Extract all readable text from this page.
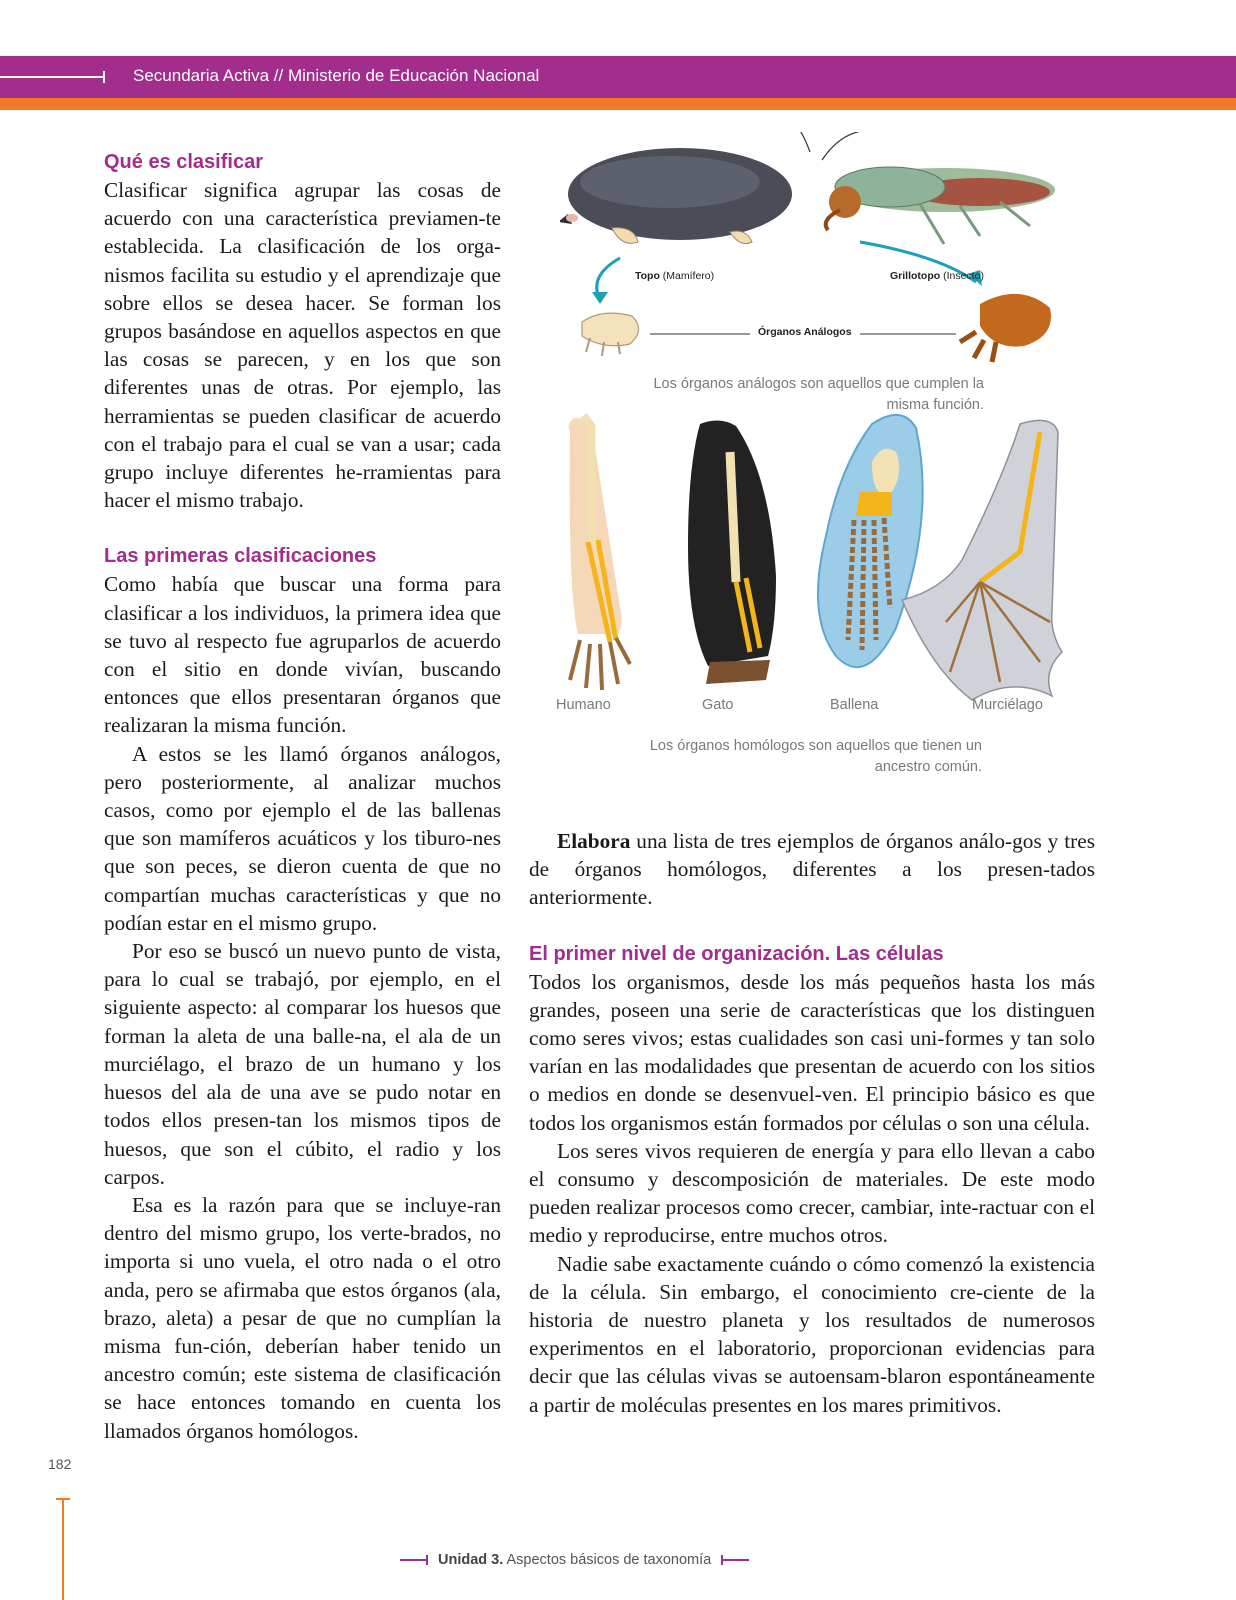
Secundaria Activa // Ministerio de Educación Nacional
Qué es clasificar

Clasificar significa agrupar las cosas de acuerdo con una característica previamen-te establecida. La clasificación de los orga-nismos facilita su estudio y el aprendizaje que sobre ellos se desea hacer. Se forman los grupos basándose en aquellos aspectos en que las cosas se parecen, y en los que son diferentes unas de otras. Por ejemplo, las herramientas se pueden clasificar de acuerdo con el trabajo para el cual se van a usar; cada grupo incluye diferentes he-rramientas para hacer el mismo trabajo.

Las primeras clasificaciones

Como había que buscar una forma para clasificar a los individuos, la primera idea que se tuvo al respecto fue agruparlos de acuerdo con el sitio en donde vivían, buscando entonces que ellos presentaran órganos que realizaran la misma función.

A estos se les llamó órganos análogos, pero posteriormente, al analizar muchos casos, como por ejemplo el de las ballenas que son mamíferos acuáticos y los tiburo-nes que son peces, se dieron cuenta de que no compartían muchas características y que no podían estar en el mismo grupo.

Por eso se buscó un nuevo punto de vista, para lo cual se trabajó, por ejemplo, en el siguiente aspecto: al comparar los huesos que forman la aleta de una balle-na, el ala de un murciélago, el brazo de un humano y los huesos del ala de una ave se pudo notar en todos ellos presen-tan los mismos tipos de huesos, que son el cúbito, el radio y los carpos.

Esa es la razón para que se incluye-ran dentro del mismo grupo, los verte-brados, no importa si uno vuela, el otro nada o el otro anda, pero se afirmaba que estos órganos (ala, brazo, aleta) a pesar de que no cumplían la misma fun-ción, deberían haber tenido un ancestro común; este sistema de clasificación se hace entonces tomando en cuenta los llamados órganos homólogos.

Topo (Mamífero)	Grillotopo (Insecto)
Órganos Análogos
Los órganos análogos son aquellos que cumplen la misma función.
Humano	Gato	Ballena	Murciélago
Los órganos homólogos son aquellos que tienen un ancestro común.

Elabora una lista de tres ejemplos de órganos análo-gos y tres de órganos homólogos, diferentes a los presen-tados anteriormente.

El primer nivel de organización. Las células

Todos los organismos, desde los más pequeños hasta los más grandes, poseen una serie de características que los distinguen como seres vivos; estas cualidades son casi uni-formes y tan solo varían en las modalidades que presentan de acuerdo con los sitios o medios en donde se desenvuel-ven. El principio básico es que todos los organismos están formados por células o son una célula.

Los seres vivos requieren de energía y para ello llevan a cabo el consumo y descomposición de materiales. De este modo pueden realizar procesos como crecer, cambiar, inte-ractuar con el medio y reproducirse, entre muchos otros.

Nadie sabe exactamente cuándo o cómo comenzó la existencia de la célula. Sin embargo, el conocimiento cre-ciente de la historia de nuestro planeta y los resultados de numerosos experimentos en el laboratorio, proporcionan evidencias para decir que las células vivas se autoensam-blaron espontáneamente a partir de moléculas presentes en los mares primitivos.

182
Unidad 3. Aspectos básicos de taxonomía
